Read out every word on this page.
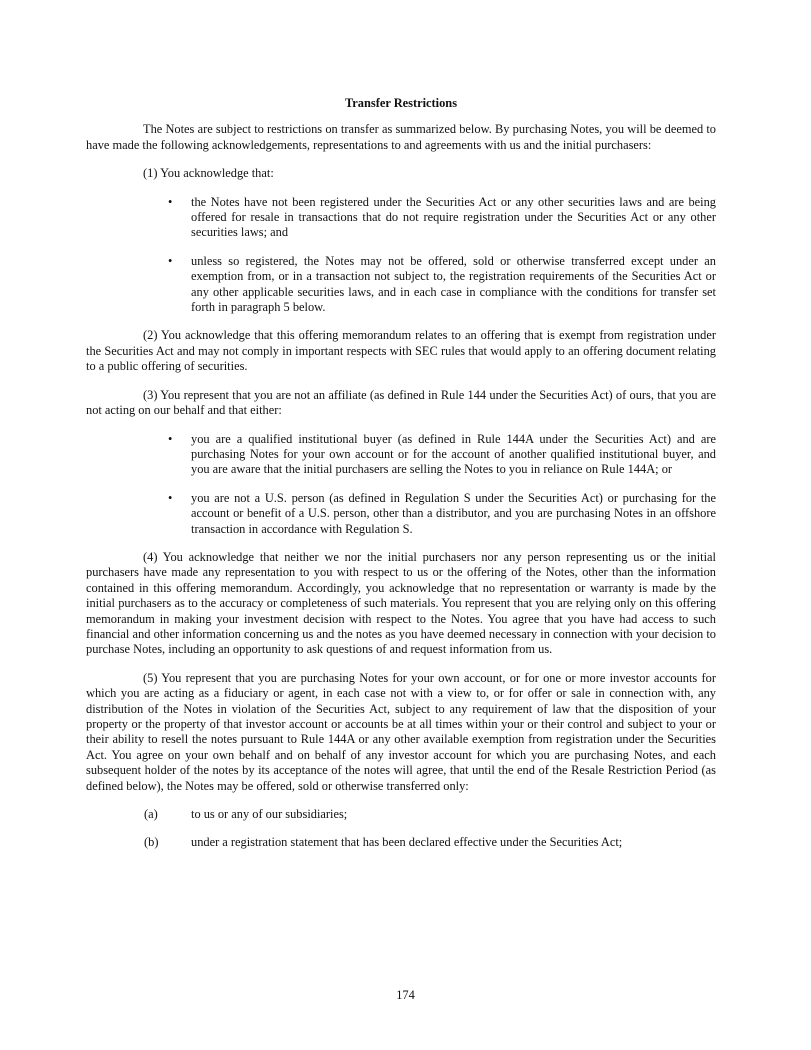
Transfer Restrictions
The Notes are subject to restrictions on transfer as summarized below. By purchasing Notes, you will be deemed to have made the following acknowledgements, representations to and agreements with us and the initial purchasers:
(1) You acknowledge that:
• the Notes have not been registered under the Securities Act or any other securities laws and are being offered for resale in transactions that do not require registration under the Securities Act or any other securities laws; and
• unless so registered, the Notes may not be offered, sold or otherwise transferred except under an exemption from, or in a transaction not subject to, the registration requirements of the Securities Act or any other applicable securities laws, and in each case in compliance with the conditions for transfer set forth in paragraph 5 below.
(2) You acknowledge that this offering memorandum relates to an offering that is exempt from registration under the Securities Act and may not comply in important respects with SEC rules that would apply to an offering document relating to a public offering of securities.
(3) You represent that you are not an affiliate (as defined in Rule 144 under the Securities Act) of ours, that you are not acting on our behalf and that either:
• you are a qualified institutional buyer (as defined in Rule 144A under the Securities Act) and are purchasing Notes for your own account or for the account of another qualified institutional buyer, and you are aware that the initial purchasers are selling the Notes to you in reliance on Rule 144A; or
• you are not a U.S. person (as defined in Regulation S under the Securities Act) or purchasing for the account or benefit of a U.S. person, other than a distributor, and you are purchasing Notes in an offshore transaction in accordance with Regulation S.
(4) You acknowledge that neither we nor the initial purchasers nor any person representing us or the initial purchasers have made any representation to you with respect to us or the offering of the Notes, other than the information contained in this offering memorandum. Accordingly, you acknowledge that no representation or warranty is made by the initial purchasers as to the accuracy or completeness of such materials. You represent that you are relying only on this offering memorandum in making your investment decision with respect to the Notes. You agree that you have had access to such financial and other information concerning us and the notes as you have deemed necessary in connection with your decision to purchase Notes, including an opportunity to ask questions of and request information from us.
(5) You represent that you are purchasing Notes for your own account, or for one or more investor accounts for which you are acting as a fiduciary or agent, in each case not with a view to, or for offer or sale in connection with, any distribution of the Notes in violation of the Securities Act, subject to any requirement of law that the disposition of your property or the property of that investor account or accounts be at all times within your or their control and subject to your or their ability to resell the notes pursuant to Rule 144A or any other available exemption from registration under the Securities Act. You agree on your own behalf and on behalf of any investor account for which you are purchasing Notes, and each subsequent holder of the notes by its acceptance of the notes will agree, that until the end of the Resale Restriction Period (as defined below), the Notes may be offered, sold or otherwise transferred only:
(a)	to us or any of our subsidiaries;
(b)	under a registration statement that has been declared effective under the Securities Act;
174
